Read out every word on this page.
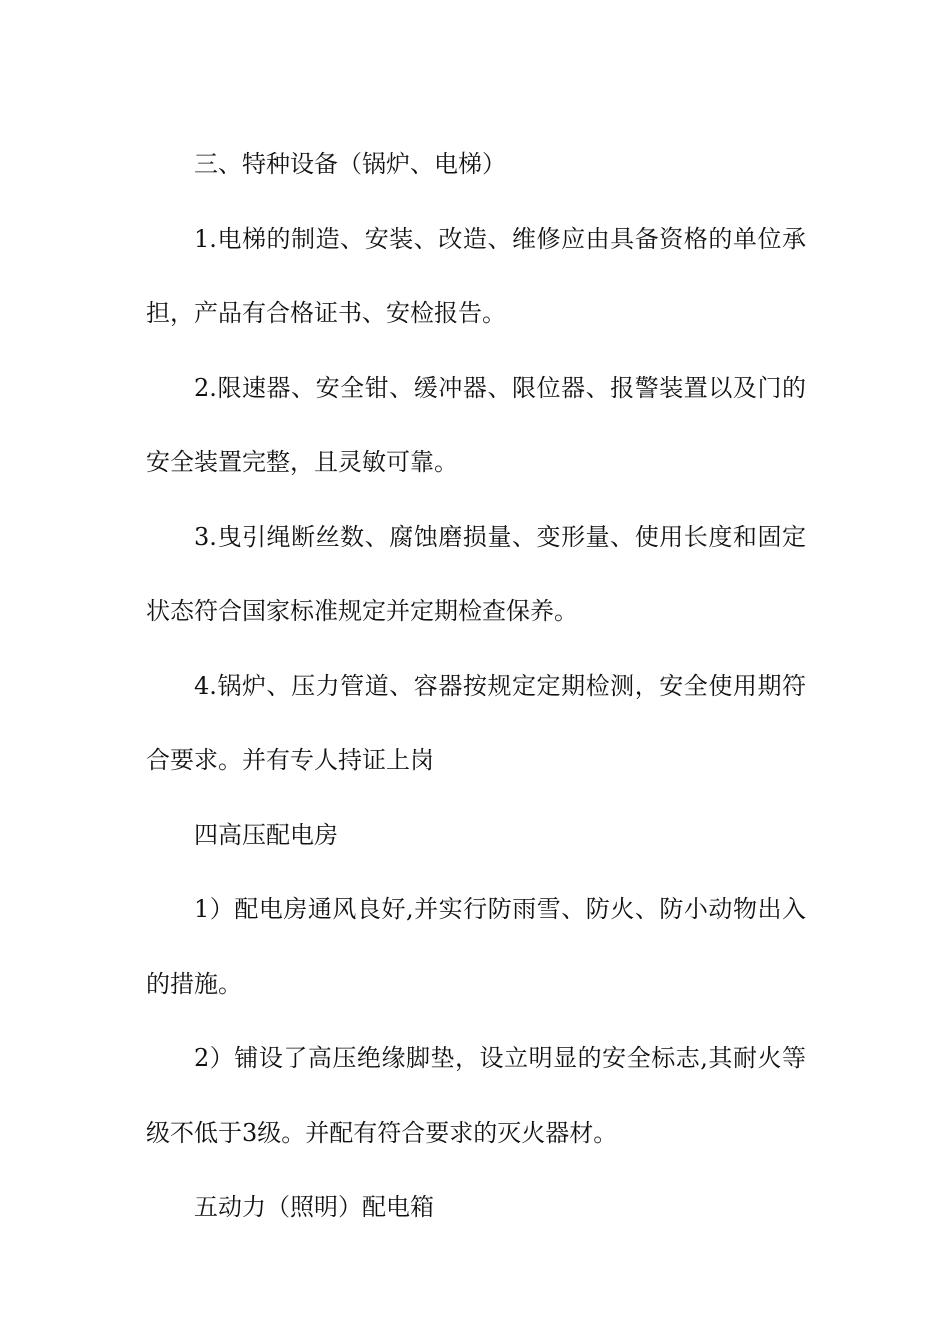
三、特种设备（锅炉、电梯）

1.电梯的制造、安装、改造、维修应由具备资格的单位承担，产品有合格证书、安检报告。

2.限速器、安全钳、缓冲器、限位器、报警装置以及门的安全装置完整，且灵敏可靠。

3.曳引绳断丝数、腐蚀磨损量、变形量、使用长度和固定状态符合国家标准规定并定期检查保养。

4.锅炉、压力管道、容器按规定定期检测，安全使用期符合要求。并有专人持证上岗

四高压配电房

1）配电房通风良好,并实行防雨雪、防火、防小动物出入的措施。

2）铺设了高压绝缘脚垫，设立明显的安全标志,其耐火等级不低于3级。并配有符合要求的灭火器材。

五动力（照明）配电箱
